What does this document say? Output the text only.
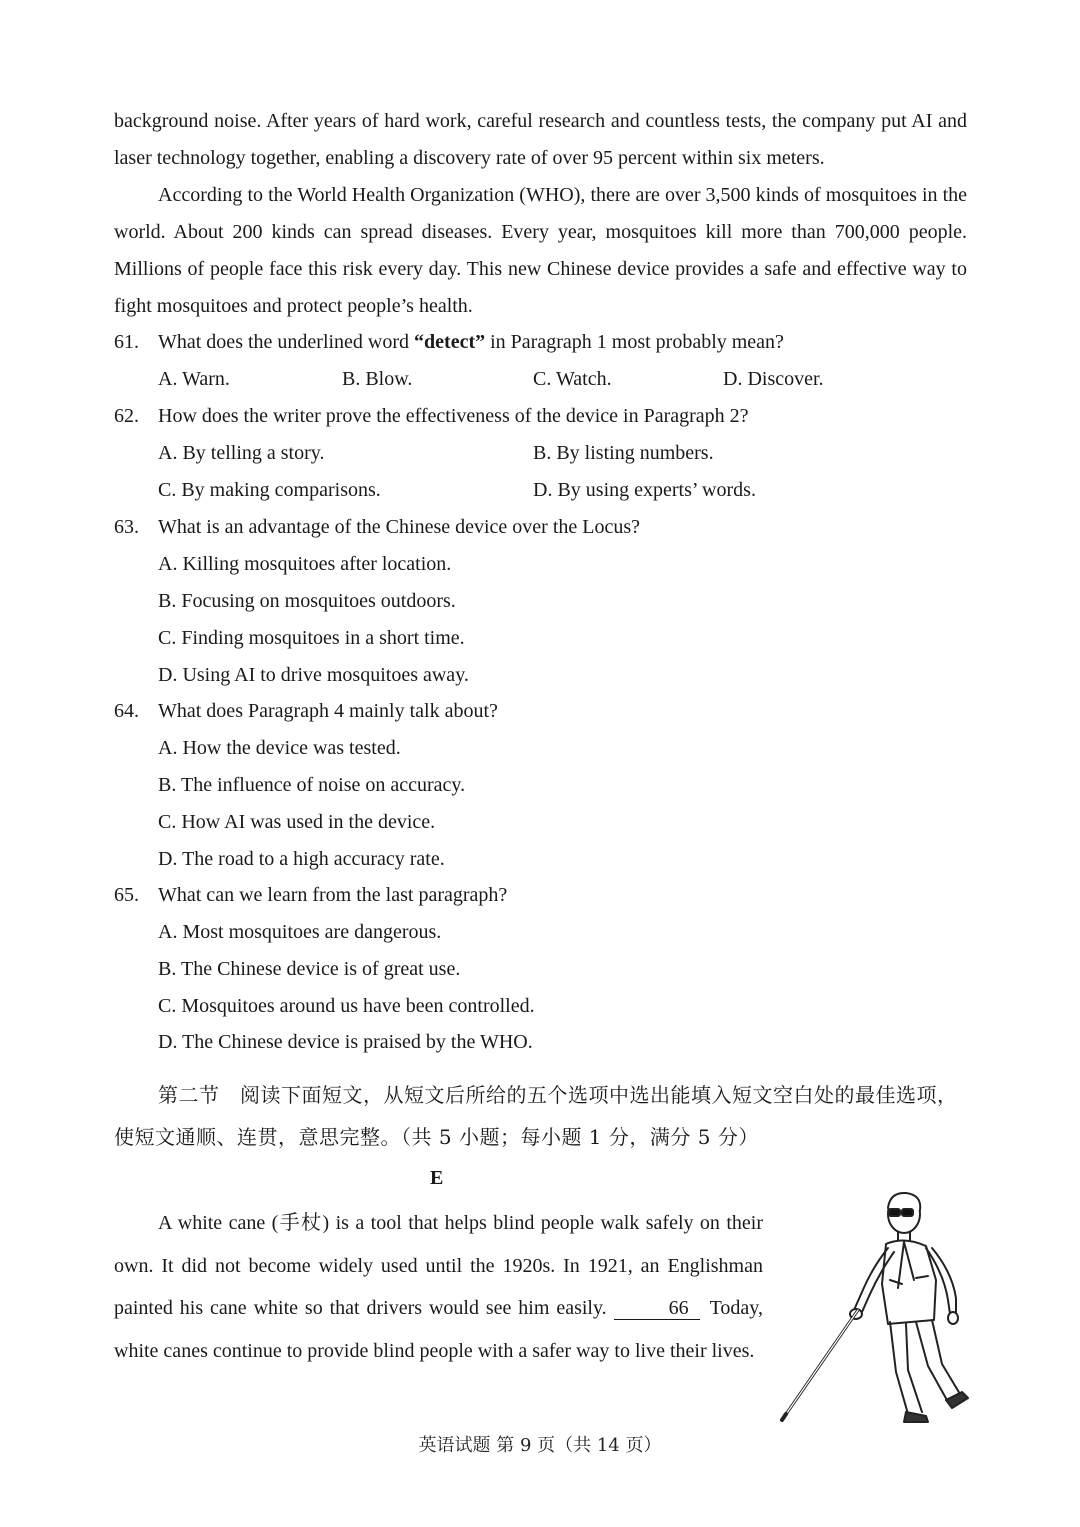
background noise. After years of hard work, careful research and countless tests, the company put AI and laser technology together, enabling a discovery rate of over 95 percent within six meters.

According to the World Health Organization (WHO), there are over 3,500 kinds of mosquitoes in the world. About 200 kinds can spread diseases. Every year, mosquitoes kill more than 700,000 people. Millions of people face this risk every day. This new Chinese device provides a safe and effective way to fight mosquitoes and protect people’s health.

61. What does the underlined word “detect” in Paragraph 1 most probably mean?
A. Warn.	B. Blow.	C. Watch.	D. Discover.
62. How does the writer prove the effectiveness of the device in Paragraph 2?
A. By telling a story.	B. By listing numbers.
C. By making comparisons.	D. By using experts’ words.
63. What is an advantage of the Chinese device over the Locus?
A. Killing mosquitoes after location.
B. Focusing on mosquitoes outdoors.
C. Finding mosquitoes in a short time.
D. Using AI to drive mosquitoes away.
64. What does Paragraph 4 mainly talk about?
A. How the device was tested.
B. The influence of noise on accuracy.
C. How AI was used in the device.
D. The road to a high accuracy rate.
65. What can we learn from the last paragraph?
A. Most mosquitoes are dangerous.
B. The Chinese device is of great use.
C. Mosquitoes around us have been controlled.
D. The Chinese device is praised by the WHO.

第二节　阅读下面短文，从短文后所给的五个选项中选出能填入短文空白处的最佳选项，使短文通顺、连贯，意思完整。（共 5 小题；每小题 1 分，满分 5 分）

E

A white cane (手杖) is a tool that helps blind people walk safely on their own. It did not become widely used until the 1920s. In 1921, an Englishman painted his cane white so that drivers would see him easily.	66 Today, white canes continue to provide blind people with a safer way to live their lives.

英语试题 第 9 页（共 14 页）
